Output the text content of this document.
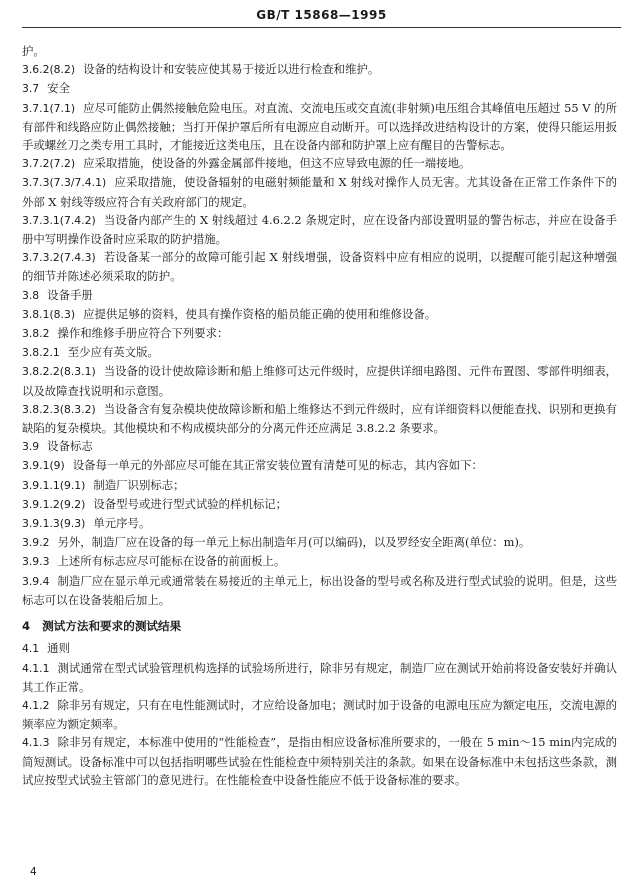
GB/T 15868—1995

护。

3.6.2(8.2) 设备的结构设计和安装应使其易于接近以进行检查和维护。

3.7 安全

3.7.1(7.1) 应尽可能防止偶然接触危险电压。对直流、交流电压或交直流(非射频)电压组合其峰值电压超过 55 V 的所有部件和线路应防止偶然接触；当打开保护罩后所有电源应自动断开。可以选择改进结构设计的方案，使得只能运用扳手或螺丝刀之类专用工具时，才能接近这类电压，且在设备内部和防护罩上应有醒目的告警标志。

3.7.2(7.2) 应采取措施，使设备的外露金属部件接地，但这不应导致电源的任一端接地。

3.7.3(7.3/7.4.1) 应采取措施，使设备辐射的电磁射频能量和 X 射线对操作人员无害。尤其设备在正常工作条件下的外部 X 射线等级应符合有关政府部门的规定。

3.7.3.1(7.4.2) 当设备内部产生的 X 射线超过 4.6.2.2 条规定时，应在设备内部设置明显的警告标志，并应在设备手册中写明操作设备时应采取的防护措施。

3.7.3.2(7.4.3) 若设备某一部分的故障可能引起 X 射线增强，设备资料中应有相应的说明，以提醒可能引起这种增强的细节并陈述必须采取的防护。

3.8 设备手册

3.8.1(8.3) 应提供足够的资料，使具有操作资格的船员能正确的使用和维修设备。

3.8.2 操作和维修手册应符合下列要求：

3.8.2.1 至少应有英文版。

3.8.2.2(8.3.1) 当设备的设计使故障诊断和船上维修可达元件级时，应提供详细电路图、元件布置图、零部件明细表，以及故障查找说明和示意图。

3.8.2.3(8.3.2) 当设备含有复杂模块使故障诊断和船上维修达不到元件级时，应有详细资料以便能查找、识别和更换有缺陷的复杂模块。其他模块和不构成模块部分的分离元件还应满足 3.8.2.2 条要求。

3.9 设备标志

3.9.1(9) 设备每一单元的外部应尽可能在其正常安装位置有清楚可见的标志，其内容如下：

3.9.1.1(9.1) 制造厂识别标志；

3.9.1.2(9.2) 设备型号或进行型式试验的样机标记；

3.9.1.3(9.3) 单元序号。

3.9.2 另外，制造厂应在设备的每一单元上标出制造年月(可以编码)，以及罗经安全距离(单位：m)。

3.9.3 上述所有标志应尽可能标在设备的前面板上。

3.9.4 制造厂应在显示单元或通常装在易接近的主单元上，标出设备的型号或名称及进行型式试验的说明。但是，这些标志可以在设备装船后加上。

4 测试方法和要求的测试结果

4.1 通则

4.1.1 测试通常在型式试验管理机构选择的试验场所进行，除非另有规定，制造厂应在测试开始前将设备安装好并确认其工作正常。

4.1.2 除非另有规定，只有在电性能测试时，才应给设备加电；测试时加于设备的电源电压应为额定电压，交流电源的频率应为额定频率。

4.1.3 除非另有规定，本标准中使用的“性能检查”，是指由相应设备标准所要求的，一般在 5 min～15 min内完成的简短测试。设备标准中可以包括指明哪些试验在性能检查中须特别关注的条款。如果在设备标准中未包括这些条款，测试应按型式试验主管部门的意见进行。在性能检查中设备性能应不低于设备标准的要求。

4
